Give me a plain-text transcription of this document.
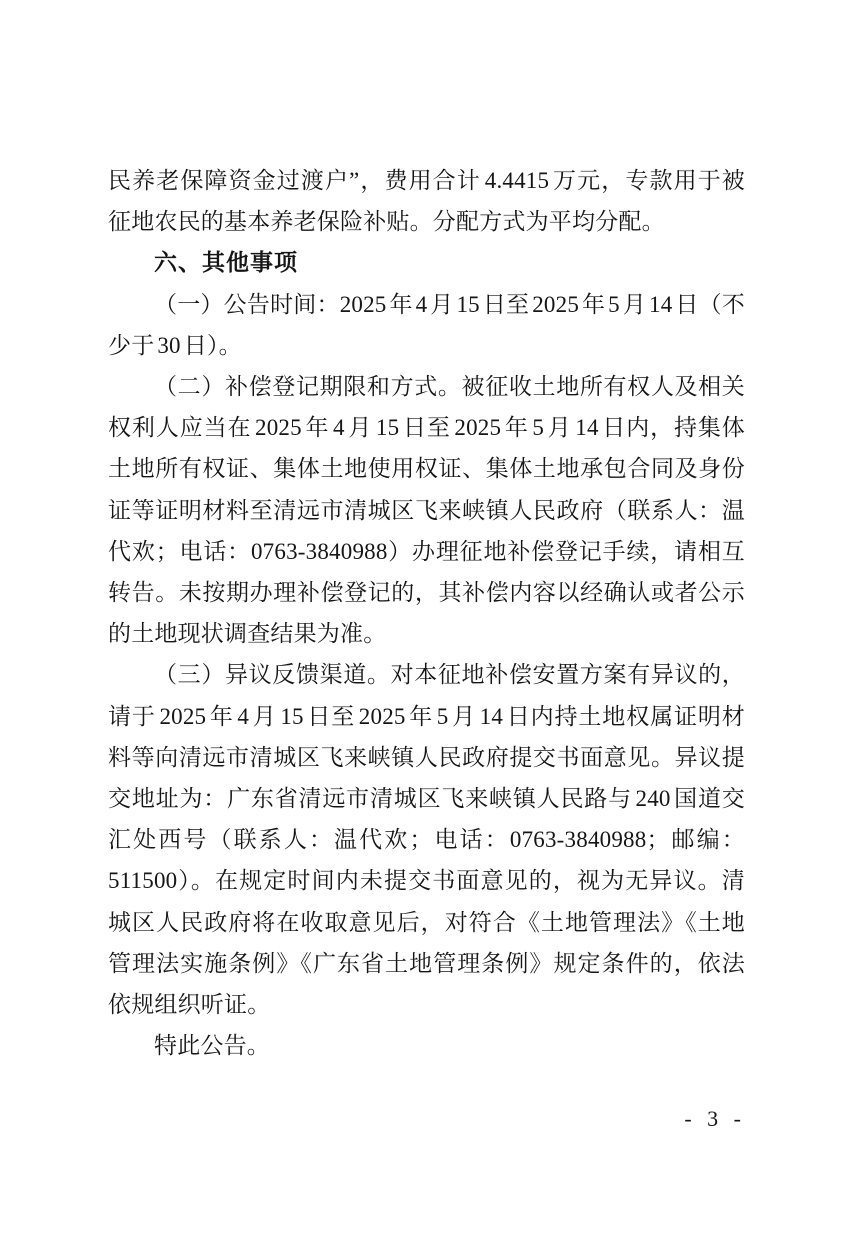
民养老保障资金过渡户”，费用合计 4.4415 万元，专款用于被征地农民的基本养老保险补贴。分配方式为平均分配。

六、其他事项

（一）公告时间：2025 年 4 月 15 日至 2025 年 5 月 14 日（不少于 30 日）。

（二）补偿登记期限和方式。被征收土地所有权人及相关权利人应当在 2025 年 4 月 15 日至 2025 年 5 月 14 日内，持集体土地所有权证、集体土地使用权证、集体土地承包合同及身份证等证明材料至清远市清城区飞来峡镇人民政府（联系人：温代欢；电话：0763-3840988）办理征地补偿登记手续，请相互转告。未按期办理补偿登记的，其补偿内容以经确认或者公示的土地现状调查结果为准。

（三）异议反馈渠道。对本征地补偿安置方案有异议的，请于 2025 年 4 月 15 日至 2025 年 5 月 14 日内持土地权属证明材料等向清远市清城区飞来峡镇人民政府提交书面意见。异议提交地址为：广东省清远市清城区飞来峡镇人民路与 240 国道交汇处西号（联系人：温代欢；电话：0763-3840988；邮编：511500）。在规定时间内未提交书面意见的，视为无异议。清城区人民政府将在收取意见后，对符合《土地管理法》《土地管理法实施条例》《广东省土地管理条例》规定条件的，依法依规组织听证。

特此公告。

- 3 -
